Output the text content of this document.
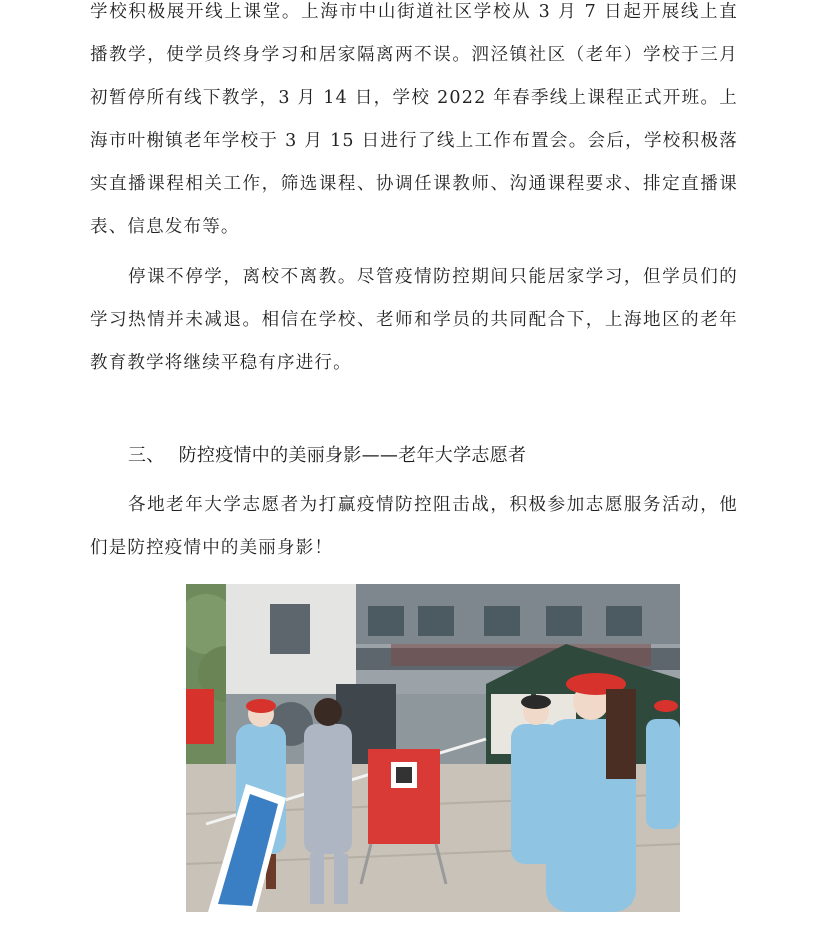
学校积极展开线上课堂。上海市中山街道社区学校从 3 月 7 日起开展线上直播教学，使学员终身学习和居家隔离两不误。泗泾镇社区（老年）学校于三月初暂停所有线下教学，3 月 14 日，学校 2022 年春季线上课程正式开班。上海市叶榭镇老年学校于 3 月 15 日进行了线上工作布置会。会后，学校积极落实直播课程相关工作，筛选课程、协调任课教师、沟通课程要求、排定直播课表、信息发布等。

停课不停学，离校不离教。尽管疫情防控期间只能居家学习，但学员们的学习热情并未减退。相信在学校、老师和学员的共同配合下，上海地区的老年教育教学将继续平稳有序进行。

三、 防控疫情中的美丽身影——老年大学志愿者

各地老年大学志愿者为打赢疫情防控阻击战，积极参加志愿服务活动，他们是防控疫情中的美丽身影！
